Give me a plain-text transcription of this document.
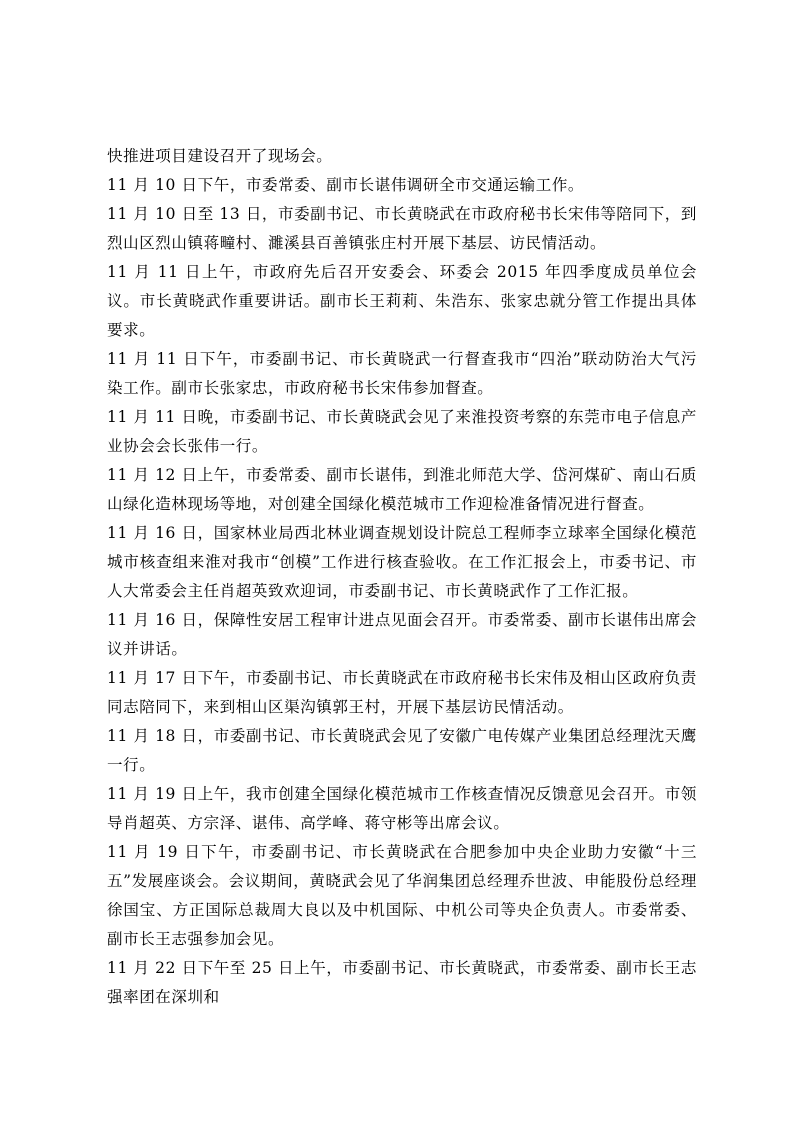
快推进项目建设召开了现场会。

11 月 10 日下午，市委常委、副市长谌伟调研全市交通运输工作。

11 月 10 日至 13 日，市委副书记、市长黄晓武在市政府秘书长宋伟等陪同下，到烈山区烈山镇蒋疃村、濉溪县百善镇张庄村开展下基层、访民情活动。

11 月 11 日上午，市政府先后召开安委会、环委会 2015 年四季度成员单位会议。市长黄晓武作重要讲话。副市长王莉莉、朱浩东、张家忠就分管工作提出具体要求。

11 月 11 日下午，市委副书记、市长黄晓武一行督查我市“四治”联动防治大气污染工作。副市长张家忠，市政府秘书长宋伟参加督查。

11 月 11 日晚，市委副书记、市长黄晓武会见了来淮投资考察的东莞市电子信息产业协会会长张伟一行。

11 月 12 日上午，市委常委、副市长谌伟，到淮北师范大学、岱河煤矿、南山石质山绿化造林现场等地，对创建全国绿化模范城市工作迎检准备情况进行督查。

11 月 16 日，国家林业局西北林业调查规划设计院总工程师李立球率全国绿化模范城市核查组来淮对我市“创模”工作进行核查验收。在工作汇报会上，市委书记、市人大常委会主任肖超英致欢迎词，市委副书记、市长黄晓武作了工作汇报。

11 月 16 日，保障性安居工程审计进点见面会召开。市委常委、副市长谌伟出席会议并讲话。

11 月 17 日下午，市委副书记、市长黄晓武在市政府秘书长宋伟及相山区政府负责同志陪同下，来到相山区渠沟镇郭王村，开展下基层访民情活动。

11 月 18 日，市委副书记、市长黄晓武会见了安徽广电传媒产业集团总经理沈天鹰一行。

11 月 19 日上午，我市创建全国绿化模范城市工作核查情况反馈意见会召开。市领导肖超英、方宗泽、谌伟、高学峰、蒋守彬等出席会议。

11 月 19 日下午，市委副书记、市长黄晓武在合肥参加中央企业助力安徽“十三五”发展座谈会。会议期间，黄晓武会见了华润集团总经理乔世波、申能股份总经理徐国宝、方正国际总裁周大良以及中机国际、中机公司等央企负责人。市委常委、副市长王志强参加会见。

11 月 22 日下午至 25 日上午，市委副书记、市长黄晓武，市委常委、副市长王志强率团在深圳和
